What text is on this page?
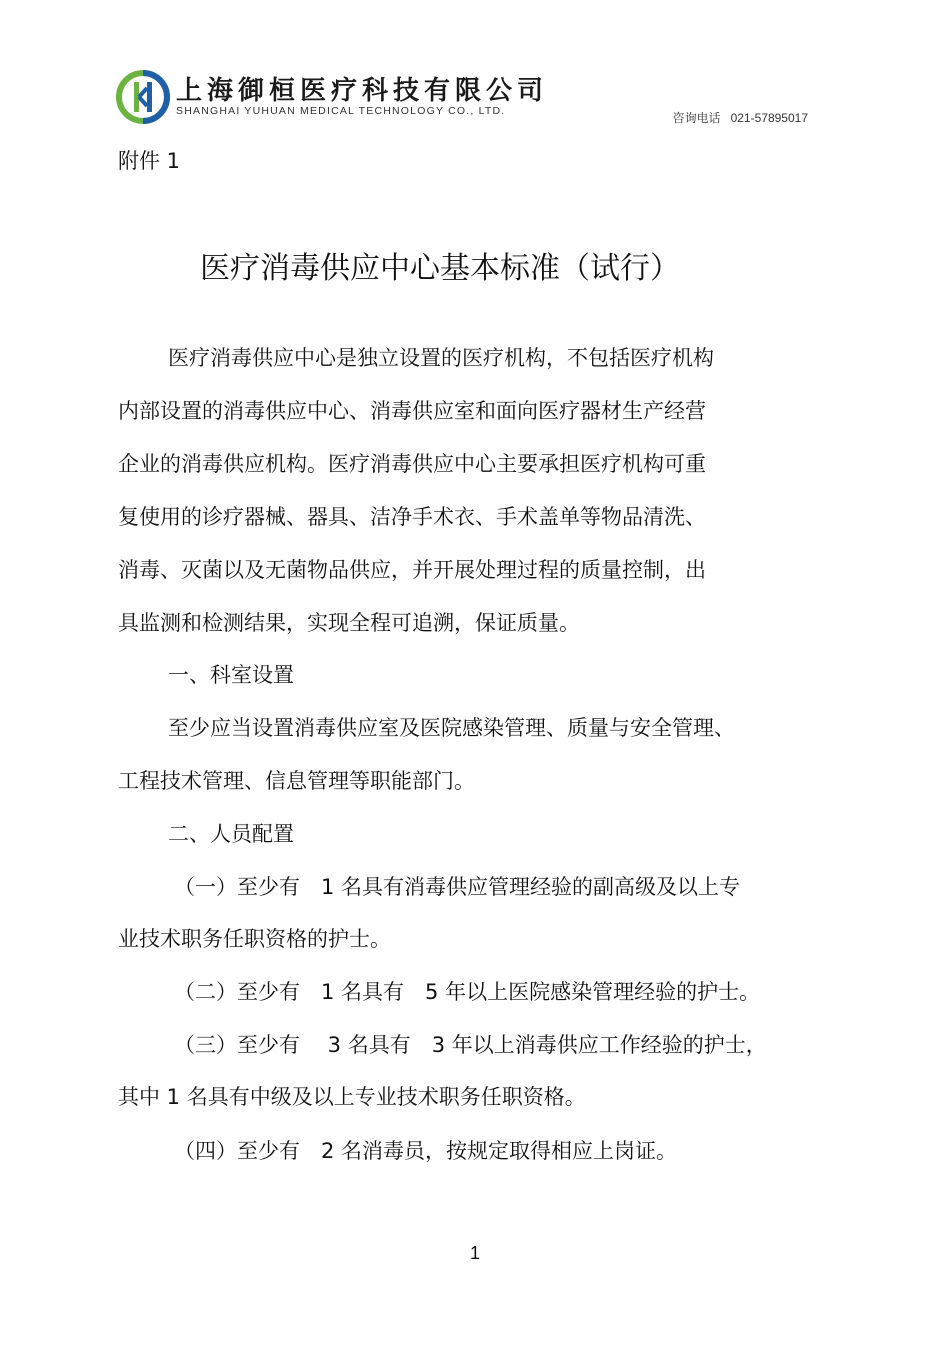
上海御桓医疗科技有限公司
SHANGHAI YUHUAN MEDICAL TECHNOLOGY CO., LTD.	咨询电话 021-57895017
附件 1
医疗消毒供应中心基本标准（试行）
医疗消毒供应中心是独立设置的医疗机构，不包括医疗机构
内部设置的消毒供应中心、消毒供应室和面向医疗器材生产经营
企业的消毒供应机构。医疗消毒供应中心主要承担医疗机构可重
复使用的诊疗器械、器具、洁净手术衣、手术盖单等物品清洗、
消毒、灭菌以及无菌物品供应，并开展处理过程的质量控制，出
具监测和检测结果，实现全程可追溯，保证质量。
一、科室设置
至少应当设置消毒供应室及医院感染管理、质量与安全管理、
工程技术管理、信息管理等职能部门。
二、人员配置
（一）至少有　1 名具有消毒供应管理经验的副高级及以上专
业技术职务任职资格的护士。
（二）至少有　1 名具有　5 年以上医院感染管理经验的护士。
（三）至少有　 3 名具有　3 年以上消毒供应工作经验的护士，
其中 1 名具有中级及以上专业技术职务任职资格。
（四）至少有　2 名消毒员，按规定取得相应上岗证。
1
